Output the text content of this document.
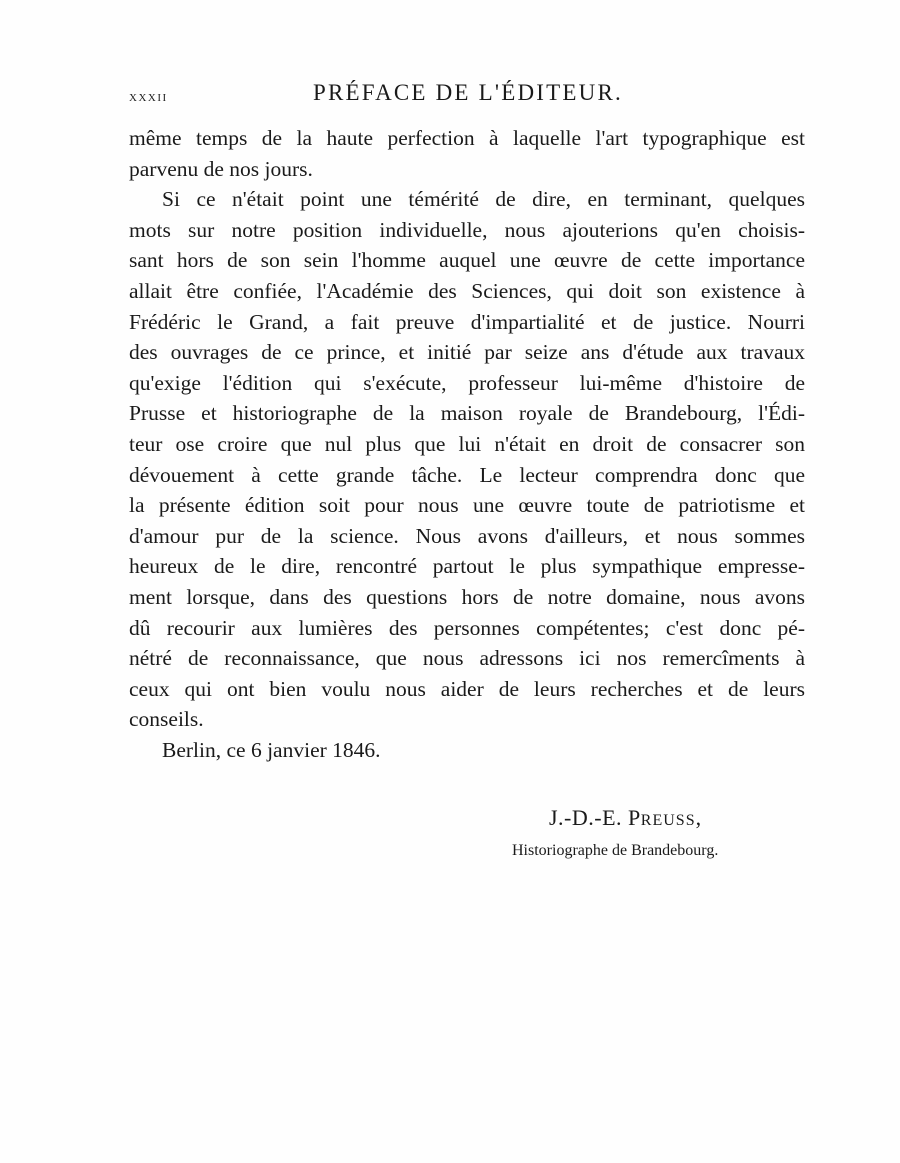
xxxii	PRÉFACE DE L'ÉDITEUR.
même temps de la haute perfection à laquelle l'art typographique est
parvenu de nos jours.
Si ce n'était point une témérité de dire, en terminant, quelques
mots sur notre position individuelle, nous ajouterions qu'en choisis-
sant hors de son sein l'homme auquel une œuvre de cette importance
allait être confiée, l'Académie des Sciences, qui doit son existence à
Frédéric le Grand, a fait preuve d'impartialité et de justice. Nourri
des ouvrages de ce prince, et initié par seize ans d'étude aux travaux
qu'exige l'édition qui s'exécute, professeur lui-même d'histoire de
Prusse et historiographe de la maison royale de Brandebourg, l'Édi-
teur ose croire que nul plus que lui n'était en droit de consacrer son
dévouement à cette grande tâche. Le lecteur comprendra donc que
la présente édition soit pour nous une œuvre toute de patriotisme et
d'amour pur de la science. Nous avons d'ailleurs, et nous sommes
heureux de le dire, rencontré partout le plus sympathique empresse-
ment lorsque, dans des questions hors de notre domaine, nous avons
dû recourir aux lumières des personnes compétentes; c'est donc pé-
nétré de reconnaissance, que nous adressons ici nos remercîments à
ceux qui ont bien voulu nous aider de leurs recherches et de leurs
conseils.
Berlin, ce 6 janvier 1846.
J.-D.-E. PREUSS,
Historiographe de Brandebourg.
